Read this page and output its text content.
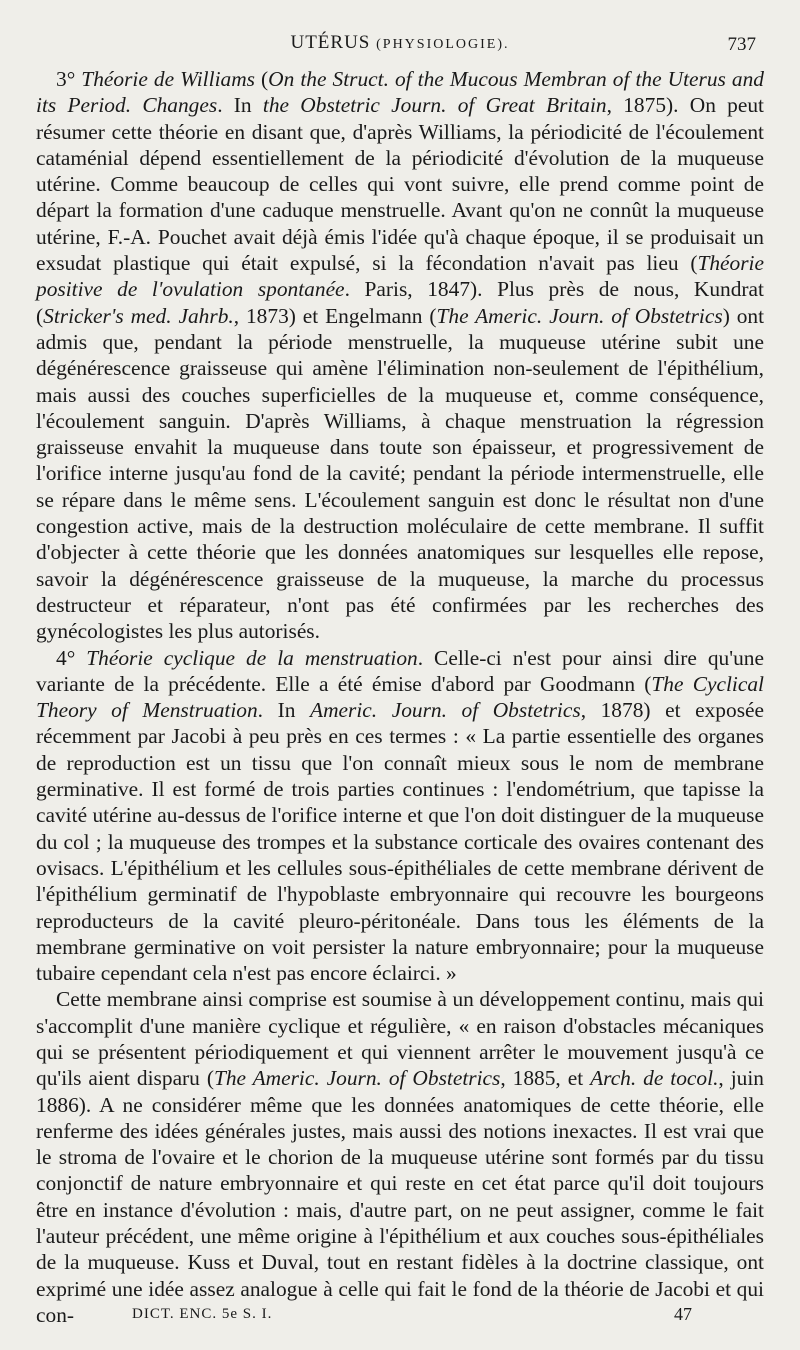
UTÉRUS (PHYSIOLOGIE).	737

3° Théorie de Williams (On the Struct. of the Mucous Membran of the Uterus and its Period. Changes. In the Obstetric Journ. of Great Britain, 1875). On peut résumer cette théorie en disant que, d'après Williams, la périodicité de l'écoulement cataménial dépend essentiellement de la périodicité d'évolution de la muqueuse utérine. Comme beaucoup de celles qui vont suivre, elle prend comme point de départ la formation d'une caduque menstruelle. Avant qu'on ne connût la muqueuse utérine, F.-A. Pouchet avait déjà émis l'idée qu'à chaque époque, il se produisait un exsudat plastique qui était expulsé, si la fécondation n'avait pas lieu (Théorie positive de l'ovulation spontanée. Paris, 1847). Plus près de nous, Kundrat (Stricker's med. Jahrb., 1873) et Engelmann (The Americ. Journ. of Obstetrics) ont admis que, pendant la période menstruelle, la muqueuse utérine subit une dégénérescence graisseuse qui amène l'élimination non-seulement de l'épithélium, mais aussi des couches superficielles de la muqueuse et, comme conséquence, l'écoulement sanguin. D'après Williams, à chaque menstruation la régression graisseuse envahit la muqueuse dans toute son épaisseur, et progressivement de l'orifice interne jusqu'au fond de la cavité; pendant la période intermenstruelle, elle se répare dans le même sens. L'écoulement sanguin est donc le résultat non d'une congestion active, mais de la destruction moléculaire de cette membrane. Il suffit d'objecter à cette théorie que les données anatomiques sur lesquelles elle repose, savoir la dégénérescence graisseuse de la muqueuse, la marche du processus destructeur et réparateur, n'ont pas été confirmées par les recherches des gynécologistes les plus autorisés.

4° Théorie cyclique de la menstruation. Celle-ci n'est pour ainsi dire qu'une variante de la précédente. Elle a été émise d'abord par Goodmann (The Cyclical Theory of Menstruation. In Americ. Journ. of Obstetrics, 1878) et exposée récemment par Jacobi à peu près en ces termes : « La partie essentielle des organes de reproduction est un tissu que l'on connaît mieux sous le nom de membrane germinative. Il est formé de trois parties continues : l'endométrium, que tapisse la cavité utérine au-dessus de l'orifice interne et que l'on doit distinguer de la muqueuse du col ; la muqueuse des trompes et la substance corticale des ovaires contenant des ovisacs. L'épithélium et les cellules sous-épithéliales de cette membrane dérivent de l'épithélium germinatif de l'hypoblaste embryonnaire qui recouvre les bourgeons reproducteurs de la cavité pleuro-péritonéale. Dans tous les éléments de la membrane germinative on voit persister la nature embryonnaire; pour la muqueuse tubaire cependant cela n'est pas encore éclairci. »

Cette membrane ainsi comprise est soumise à un développement continu, mais qui s'accomplit d'une manière cyclique et régulière, « en raison d'obstacles mécaniques qui se présentent périodiquement et qui viennent arrêter le mouvement jusqu'à ce qu'ils aient disparu (The Americ. Journ. of Obstetrics, 1885, et Arch. de tocol., juin 1886). A ne considérer même que les données anatomiques de cette théorie, elle renferme des idées générales justes, mais aussi des notions inexactes. Il est vrai que le stroma de l'ovaire et le chorion de la muqueuse utérine sont formés par du tissu conjonctif de nature embryonnaire et qui reste en cet état parce qu'il doit toujours être en instance d'évolution : mais, d'autre part, on ne peut assigner, comme le fait l'auteur précédent, une même origine à l'épithélium et aux couches sous-épithéliales de la muqueuse. Kuss et Duval, tout en restant fidèles à la doctrine classique, ont exprimé une idée assez analogue à celle qui fait le fond de la théorie de Jacobi et qui con-	DICT. ENC. 5e S. I.	47
